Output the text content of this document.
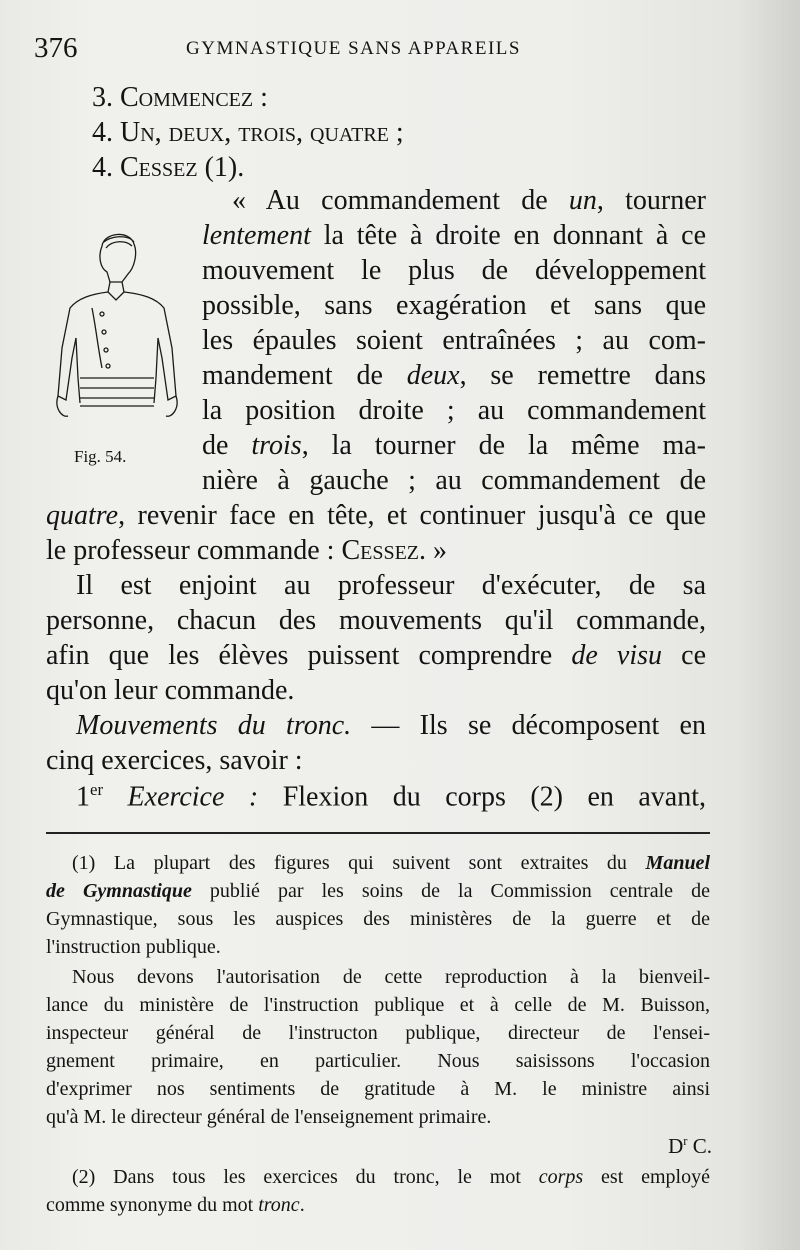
376	GYMNASTIQUE SANS APPAREILS
3. Commencez :
4. Un, deux, trois, quatre ;
4. Cessez (1).
Fig. 54.
« Au commandement de un, tourner
lentement la tête à droite en donnant à ce
mouvement le plus de développement
possible, sans exagération et sans que
les épaules soient entraînées ; au com-
mandement de deux, se remettre dans
la position droite ; au commandement
de trois, la tourner de la même ma-
nière à gauche ; au commandement de
quatre, revenir face en tête, et continuer jusqu'à ce que
le professeur commande : Cessez. »
Il est enjoint au professeur d'exécuter, de sa
personne, chacun des mouvements qu'il commande,
afin que les élèves puissent comprendre de visu ce
qu'on leur commande.
Mouvements du tronc. — Ils se décomposent en
cinq exercices, savoir :
1er Exercice : Flexion du corps (2) en avant,
(1) La plupart des figures qui suivent sont extraites du Manuel
de Gymnastique publié par les soins de la Commission centrale de
Gymnastique, sous les auspices des ministères de la guerre et de
l'instruction publique.
Nous devons l'autorisation de cette reproduction à la bienveil-
lance du ministère de l'instruction publique et à celle de M. Buisson,
inspecteur général de l'instructon publique, directeur de l'ensei-
gnement primaire, en particulier. Nous saisissons l'occasion
d'exprimer nos sentiments de gratitude à M. le ministre ainsi
qu'à M. le directeur général de l'enseignement primaire.
$D^r$ C.
(2) Dans tous les exercices du tronc, le mot corps est employé
comme synonyme du mot tronc.
